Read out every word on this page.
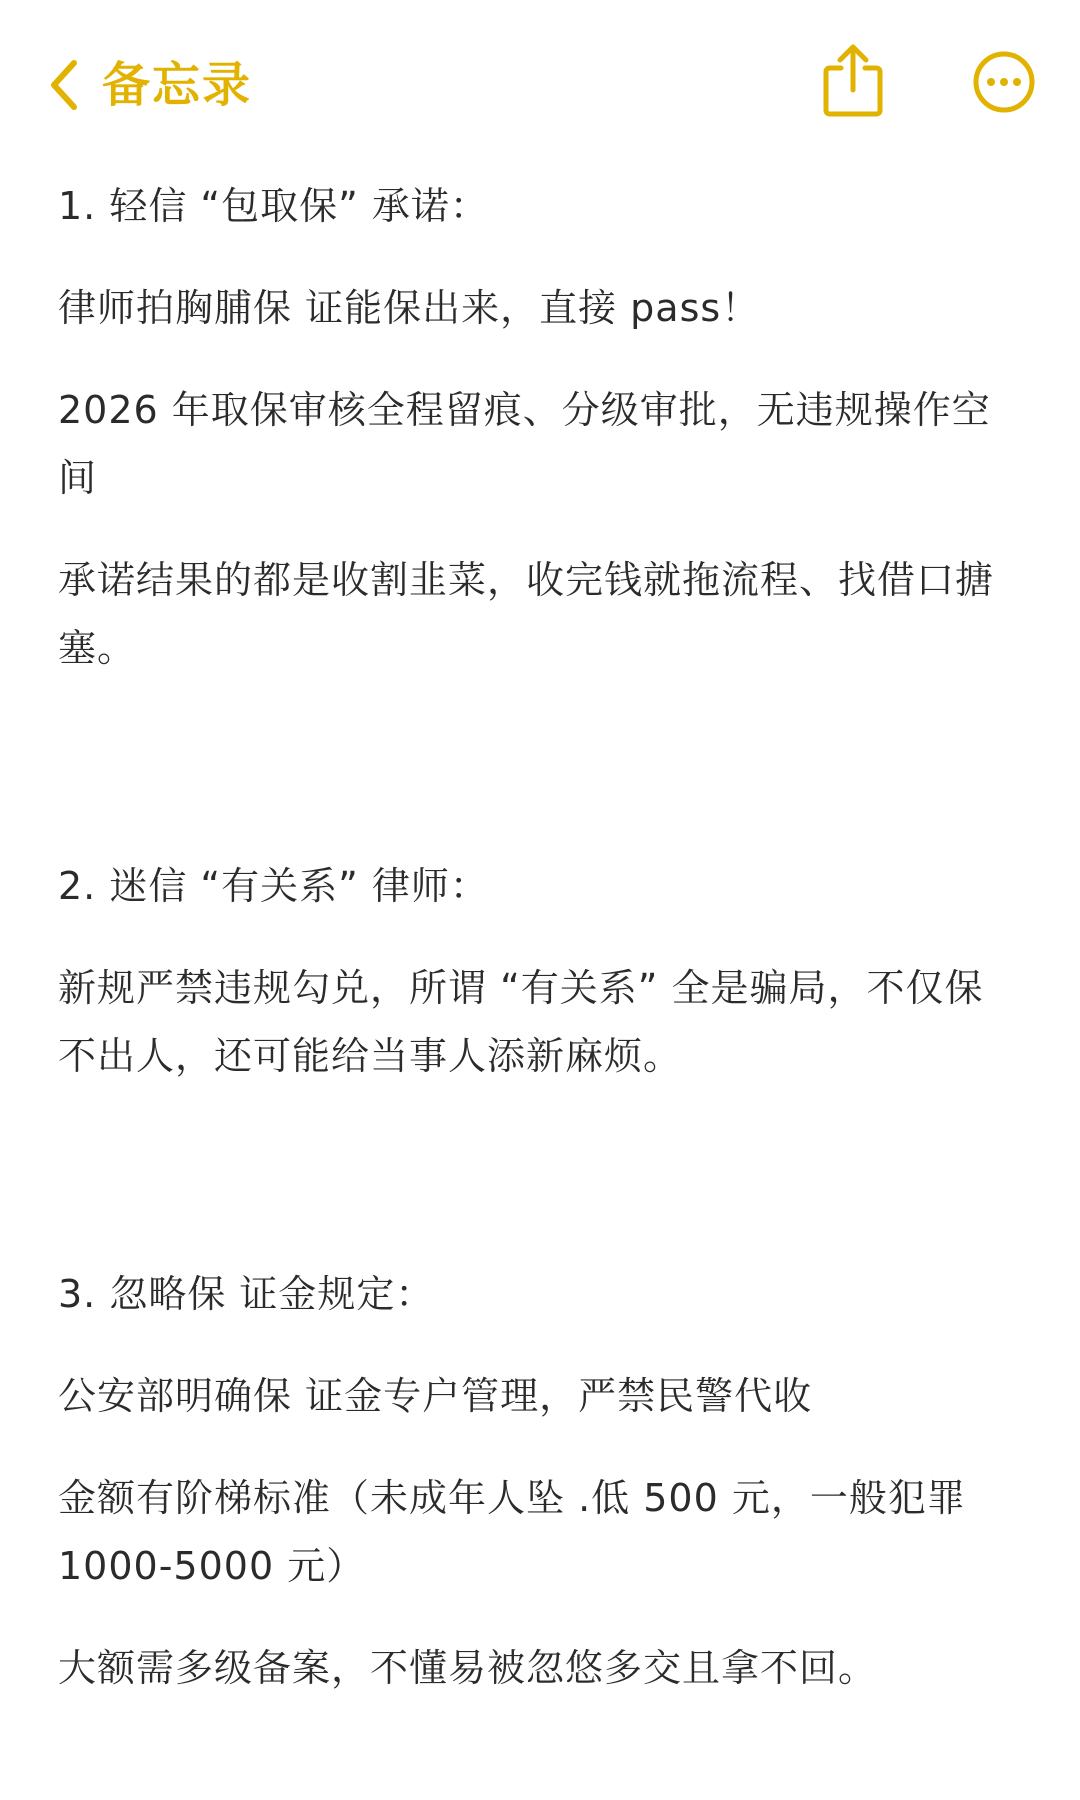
备忘录

1. 轻信 “包取保” 承诺：

律师拍胸脯保 证能保出来，直接 pass！

2026 年取保审核全程留痕、分级审批，无违规操作空间

承诺结果的都是收割韭菜，收完钱就拖流程、找借口搪塞。

2. 迷信 “有关系” 律师：

新规严禁违规勾兑，所谓 “有关系” 全是骗局，不仅保不出人，还可能给当事人添新麻烦。

3. 忽略保 证金规定：

公安部明确保 证金专户管理，严禁民警代收

金额有阶梯标准（未成年人坠 .低 500 元，一般犯罪 1000-5000 元）

大额需多级备案，不懂易被忽悠多交且拿不回。
